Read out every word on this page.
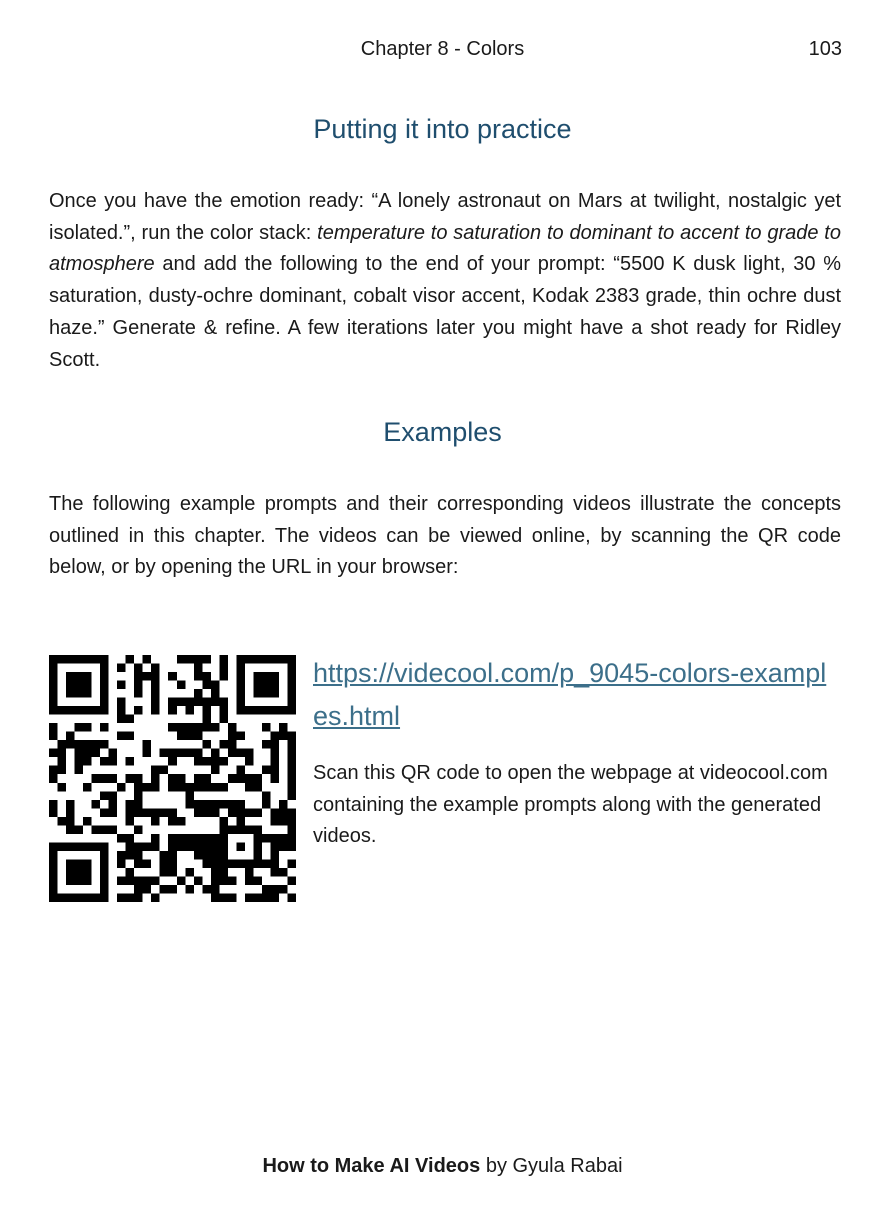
Chapter 8 - Colors	103
Putting it into practice

Once you have the emotion ready: “A lonely astronaut on Mars at twilight, nostalgic yet isolated.”, run the color stack: temperature to saturation to dominant to accent to grade to atmosphere and add the following to the end of your prompt: “5500 K dusk light, 30 % saturation, dusty-ochre dominant, cobalt visor accent, Kodak 2383 grade, thin ochre dust haze.” Generate & refine. A few iterations later you might have a shot ready for Ridley Scott.

Examples

The following example prompts and their corresponding videos illustrate the concepts outlined in this chapter. The videos can be viewed online, by scanning the QR code below, or by opening the URL in your browser:

https://videcool.com/p_9045-colors-examples.html

Scan this QR code to open the webpage at videocool.com containing the example prompts along with the generated videos.

How to Make AI Videos by Gyula Rabai
